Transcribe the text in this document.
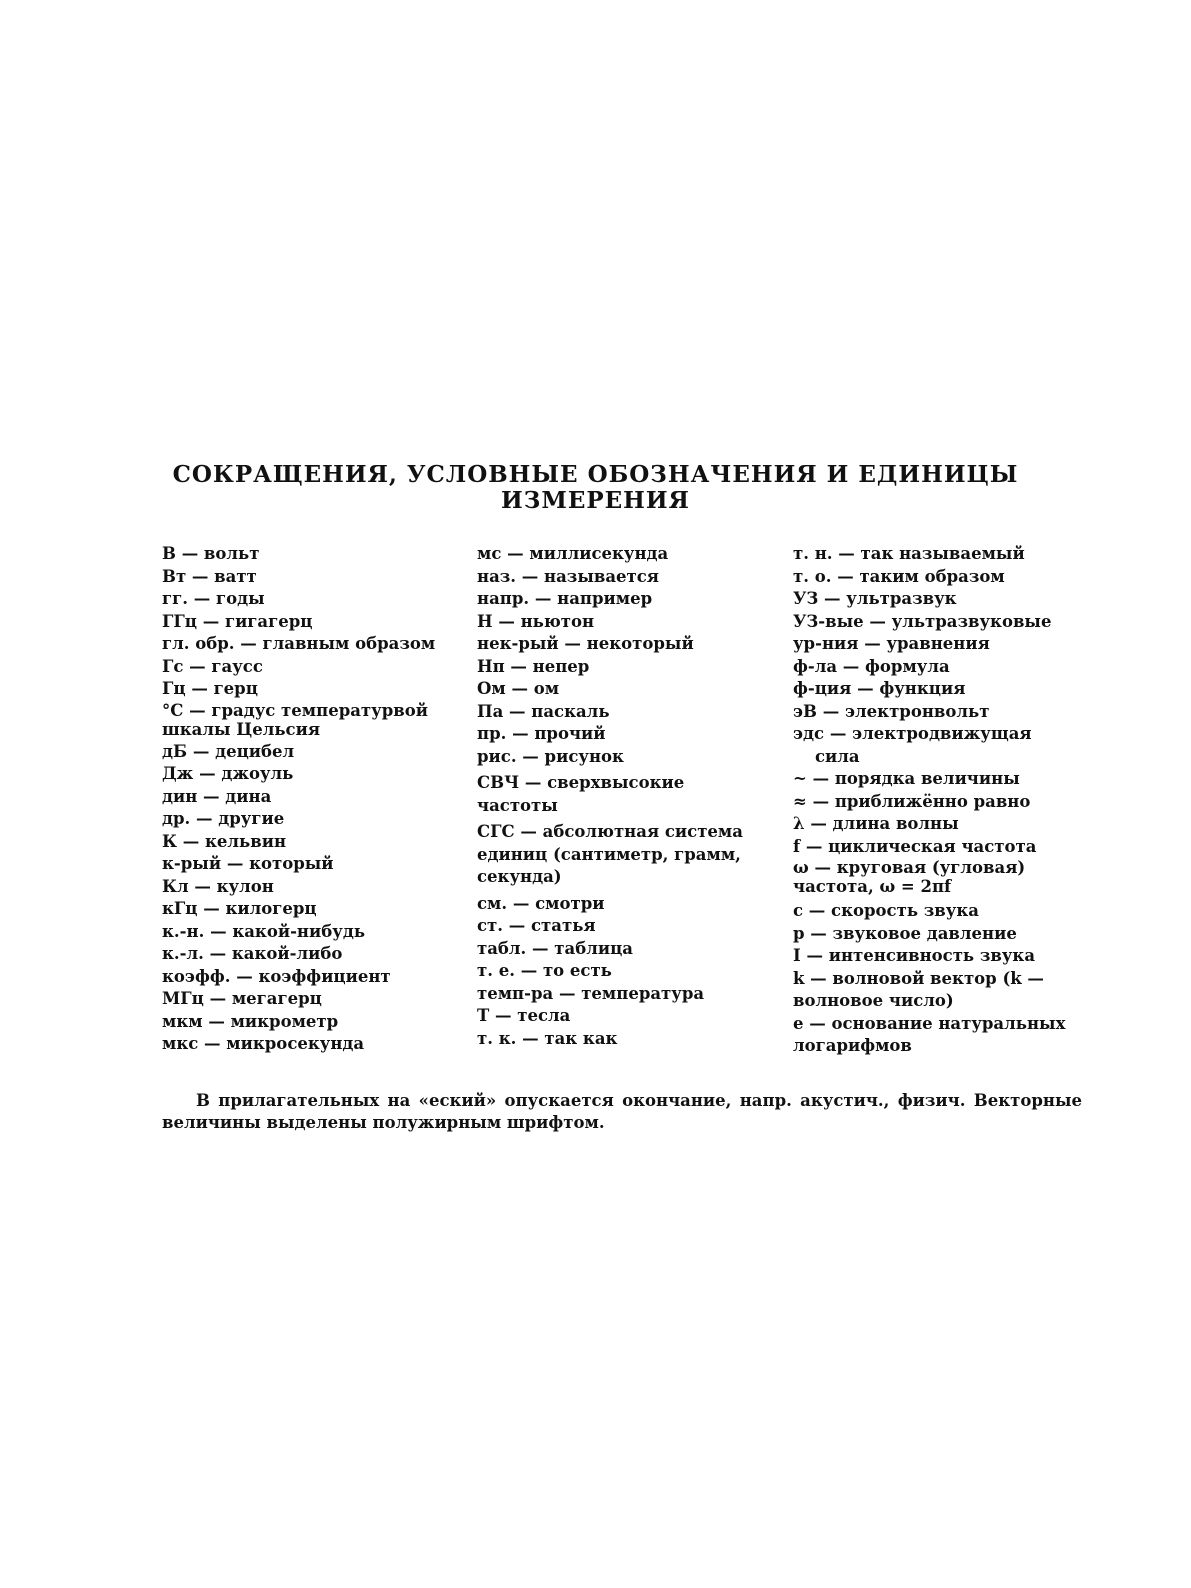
СОКРАЩЕНИЯ, УСЛОВНЫЕ ОБОЗНАЧЕНИЯ И ЕДИНИЦЫ
ИЗМЕРЕНИЯ
В — вольт
Вт — ватт
гг. — годы
ГГц — гигагерц
гл. обр. — главным образом
Гс — гаусс
Гц — герц
°С — градус температурвой шкалы Цельсия
дБ — децибел
Дж — джоуль
дин — дина
др. — другие
К — кельвин
к-рый — который
Кл — кулон
кГц — килогерц
к.-н. — какой-нибудь
к.-л. — какой-либо
коэфф. — коэффициент
МГц — мегагерц
мкм — микрометр
мкс — микросекунда
мс — миллисекунда
наз. — называется
напр. — например
Н — ньютон
нек-рый — некоторый
Нп — непер
Ом — ом
Па — паскаль
пр. — прочий
рис. — рисунок
СВЧ — сверхвысокие частоты
СГС — абсолютная система единиц (сантиметр, грамм, секунда)
см. — смотри
ст. — статья
табл. — таблица
т. е. — то есть
темп-ра — температура
Т — тесла
т. к. — так как
т. н. — так называемый
т. о. — таким образом
УЗ — ультразвук
УЗ-вые — ультразвуковые
ур-ния — уравнения
ф-ла — формула
ф-ция — функция
эВ — электронвольт
эдс — электродвижущая
сила
~ — порядка величины
≈ — приближённо равно
λ — длина волны
f — циклическая частота
ω — круговая (угловая) частота, ω = 2πf
c — скорость звука
p — звуковое давление
I — интенсивность звука
k — волновой вектор (k — волновое число)
e — основание натуральных
логарифмов
В прилагательных на «еский» опускается окончание, напр. акустич., физич. Векторные величины выделены полужирным шрифтом.
